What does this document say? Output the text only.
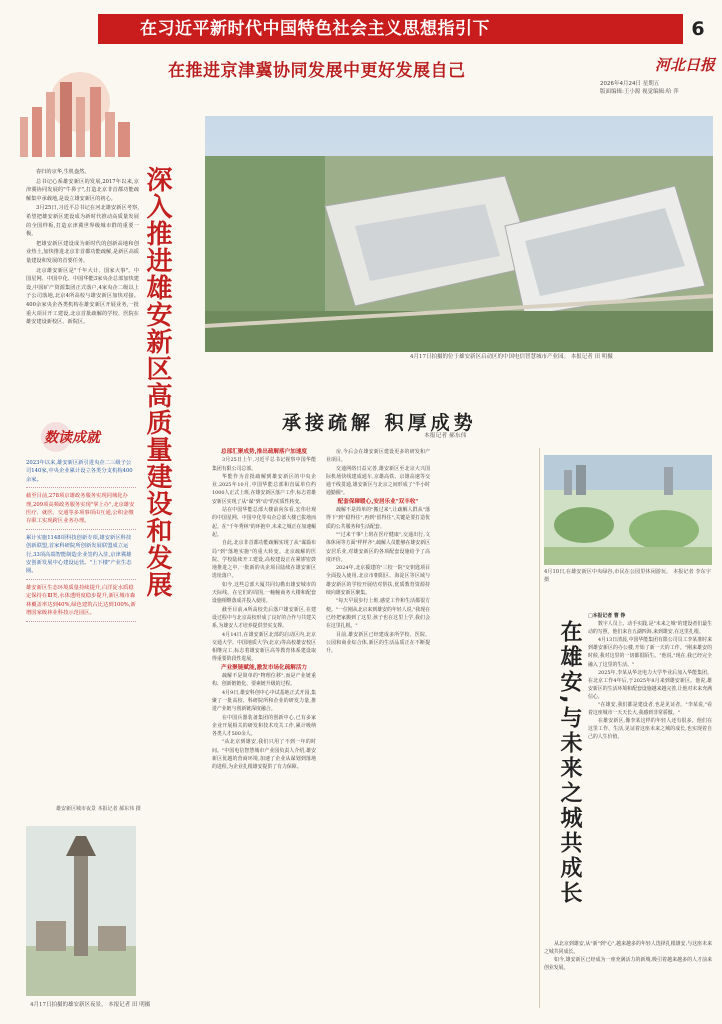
在习近平新时代中国特色社会主义思想指引下	6
在推进京津冀协同发展中更好发展自己	河北日报
2026年4月24日 星期五
版面编辑:王小源 视觉编辑:哈 萍

春归的京华,生机盎然。

总书记心系雄安新区的发展,2017年以来,京津冀协同发展的"牛鼻子",打造北京非首都功能疏解集中承载地,是设立雄安新区的初心。

3月25日,习近平总书记在河北雄安新区考察,希望把雄安新区建设成为新时代推动高质量发展的全国样板,打造京津冀世界级城市群的重要一极。

把雄安新区建设成为新时代的创新高地和创业热土,加快推进北京非首都功能疏解,是新区高质量建设和发展的首要任务。

北京雄安新区是"千年大计、国家大事"。中国星网、中国中化、中国华能3家央企总部加快建设,中国矿产资源集团正式落户,4家央企二级以上子公司落地,北京4所高校与雄安新区加快对接。400余家央企各类机构在雄安新区开展业务,一批重大项目开工建设,北京首批疏解的学校、医院在雄安建设新校区、新院区。	深入推进雄安新区高质量建设和发展	4月17日拍摄的位于雄安新区启动区的中国电信智慧城市产业园。 本报记者 田 明摄
承接疏解 积厚成势
本报记者 郝东伟
数读成就

2023年以来,雄安新区新引进央企二三级子公司140家,中央企业累计设立各类分支机构400余家。

截至目前,278项京雄政务服务实现同城化办理,209项高频政务服务实现"掌上办",北京雄安医疗、就医、交通等多项事项由互通,公积金缴存职工实现跨区业务办理。

累计实施1148项科技创新专项,雄安新区科技创新联盟,首家科研院所创新发展联盟成立运行,33项高端智能制造企业签约入驻,京津冀雄安创新发展中心建设运营。"上下楼"产业生态圈。

雄安新区生态环境质量持续提升,白洋淀水质稳定保持在Ⅲ类,水体透明度稳步提升,新区城市森林覆盖率达到40%,绿色建筑占比达到100%,新增国家级林业科技示范园区。

雄安新区城市夜景 本报记者 郝东伟 摄
4月17日拍摄的雄安新区夜景。 本报记者 田 明摄

总部汇聚成势,推出疏解落户加速度

3月25日上午,习近平总书记视察中国华能集团有限公司总部。

华能作为首批疏解到雄安新区的中央企业,2025年10月,中国华能总部和直属单位约1000人正式上班,在雄安新区落户工作,标志着雄安新区实现了从"谋"到"动"的实质性转变。

站在中国华能总部大楼前向东看,宏伟壮观的中国星网、中国中化等央企总部大楼已拔地而起。在"千年秀林"的环抱中,未来之城正在加速崛起。

自此,北京非首都功能疏解实现了从"谋篇布局"到"落地实施"的重大转变。北京疏解的医院、学校陆续开工建设,高校建设正在紧锣密鼓地推进之中,一批新的央企项目陆续在雄安新区选址落户。

如今,这些总部大厦共同勾勒出雄安城市的天际线。在它们的周围,一幢幢商务大楼和配套设施相继落成并投入使用。

截至目前,4所高校先后落户雄安新区,在建设过程中与北京高校形成了良好的合作与共建关系,为雄安人才培养提供坚实支撑。

4月14日,在雄安新区北部的启动区内,北京交通大学、中国地质大学(北京)等高校雄安校区相继完工,标志着雄安新区高等教育体系建设取得重要阶段性进展。

产业聚链赋能,激发市场化疏解活力

疏解不是简单的"物理位移",而是产业链重构、创新链链化、要素链升级的过程。

4月9日,雄安科创中心中试基地正式开园,集聚了一批高校、科研院所和企业的研发力量,推进产业链与创新链深度融合。

在中国兵器装备集团的创新中心,已有多家企业开展相关的研发和技术攻关工作,累计吸纳各类人才500余人。

"从北京到雄安,我们只用了不到一年的时间。"中国电信智慧城市产业园负责人介绍,雄安新区优越的营商环境,加速了企业从谋划到落地的进程,为企业扎根雄安提供了有力保障。

房,今后会在雄安新区建设更多的研发和产业项目。

交通网络日益完善,雄安新区至北京大兴国际机场快线建成通车,京雄高铁、京雄高速等交通干线贯通,雄安新区与北京之间形成了"半小时通勤圈"。

配套保障暖心,安居乐业"双丰收"

疏解不是简单的"搬过来",让疏解人群从"落得下"到"稳得住",再到"留得住",关键是要打造优质的公共服务和生活配套。

""过来干事"上班在医疗健康",交通出行,文体休闲等方面"样样齐",疏解人员能够在雄安新区安居乐业,对雄安新区的各项配套设施给予了高度评价。

2024年,北京援建的"三校一院"交钥匙项目全面投入使用,北京市朝阳区、海淀区等区域与雄安新区的学校开展结对帮扶,优质教育资源持续向雄安新区聚集。

"每天早晨步行上班,感觉工作和生活都很方便。"一位刚从北京来到雄安的年轻人说,"我现在已经把家搬到了这里,孩子也在这里上学,我们会在这里扎根。"

目前,雄安新区已经建成多所学校、医院、公园和商业综合体,新区的生活品质正在不断提升。

4月10日,在雄安新区中央绿谷,市民在公园里休闲游玩。 本报记者 李东宇摄
在雄安,与未来之城共成长

□本报记者 曹 铮

数字人员上、动手实践,是"未来之城"的建设者们最生动的写照。他们来自五湖四海,来到雄安,在这里扎根。

4月13日清晨,中国华能集团有限公司员工李某准时来到雄安新区的办公楼,开始了新一天的工作。"刚来雄安的时候,我对这里的一切都很陌生。"他说,"现在,我已经完全融入了这里的生活。"

2025年,李某从华北电力大学毕业后加入华能集团。在北京工作4年后,于2025年8月来到雄安新区。他说,雄安新区的生活环境和配套设施越来越完善,让他对未来充满信心。

"在雄安,我们都是建设者,也是见证者。"李某说,"看着这座城市一天天长大,我感到非常骄傲。"

在雄安新区,像李某这样的年轻人还有很多。他们在这里工作、生活,见证着这座未来之城的成长,也实现着自己的人生价值。

从北京到雄安,从"新"到"心",越来越多的年轻人选择扎根雄安,与这座未来之城共同成长。

如今,雄安新区已经成为一座充满活力的新城,吸引着越来越多的人才前来创业发展。
